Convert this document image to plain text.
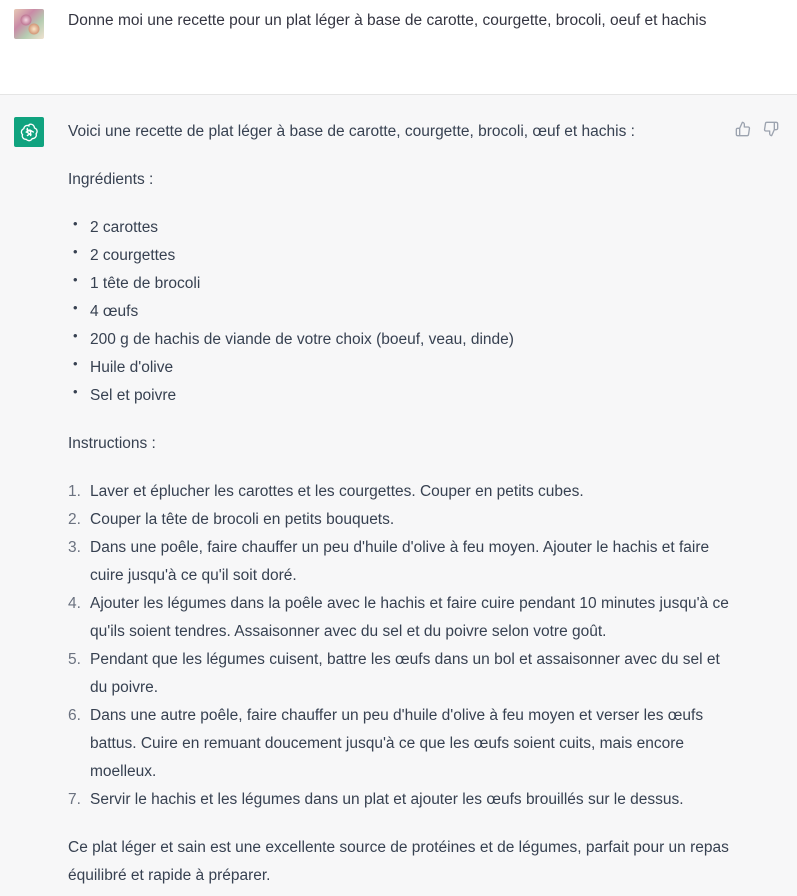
Donne moi une recette pour un plat léger à base de carotte, courgette, brocoli, oeuf et hachis

Voici une recette de plat léger à base de carotte, courgette, brocoli, œuf et hachis :

Ingrédients :

• 2 carottes
• 2 courgettes
• 1 tête de brocoli
• 4 œufs
• 200 g de hachis de viande de votre choix (boeuf, veau, dinde)
• Huile d'olive
• Sel et poivre

Instructions :

1. Laver et éplucher les carottes et les courgettes. Couper en petits cubes.
2. Couper la tête de brocoli en petits bouquets.
3. Dans une poêle, faire chauffer un peu d'huile d'olive à feu moyen. Ajouter le hachis et faire cuire jusqu'à ce qu'il soit doré.
4. Ajouter les légumes dans la poêle avec le hachis et faire cuire pendant 10 minutes jusqu'à ce qu'ils soient tendres. Assaisonner avec du sel et du poivre selon votre goût.
5. Pendant que les légumes cuisent, battre les œufs dans un bol et assaisonner avec du sel et du poivre.
6. Dans une autre poêle, faire chauffer un peu d'huile d'olive à feu moyen et verser les œufs battus. Cuire en remuant doucement jusqu'à ce que les œufs soient cuits, mais encore moelleux.
7. Servir le hachis et les légumes dans un plat et ajouter les œufs brouillés sur le dessus.

Ce plat léger et sain est une excellente source de protéines et de légumes, parfait pour un repas équilibré et rapide à préparer.
